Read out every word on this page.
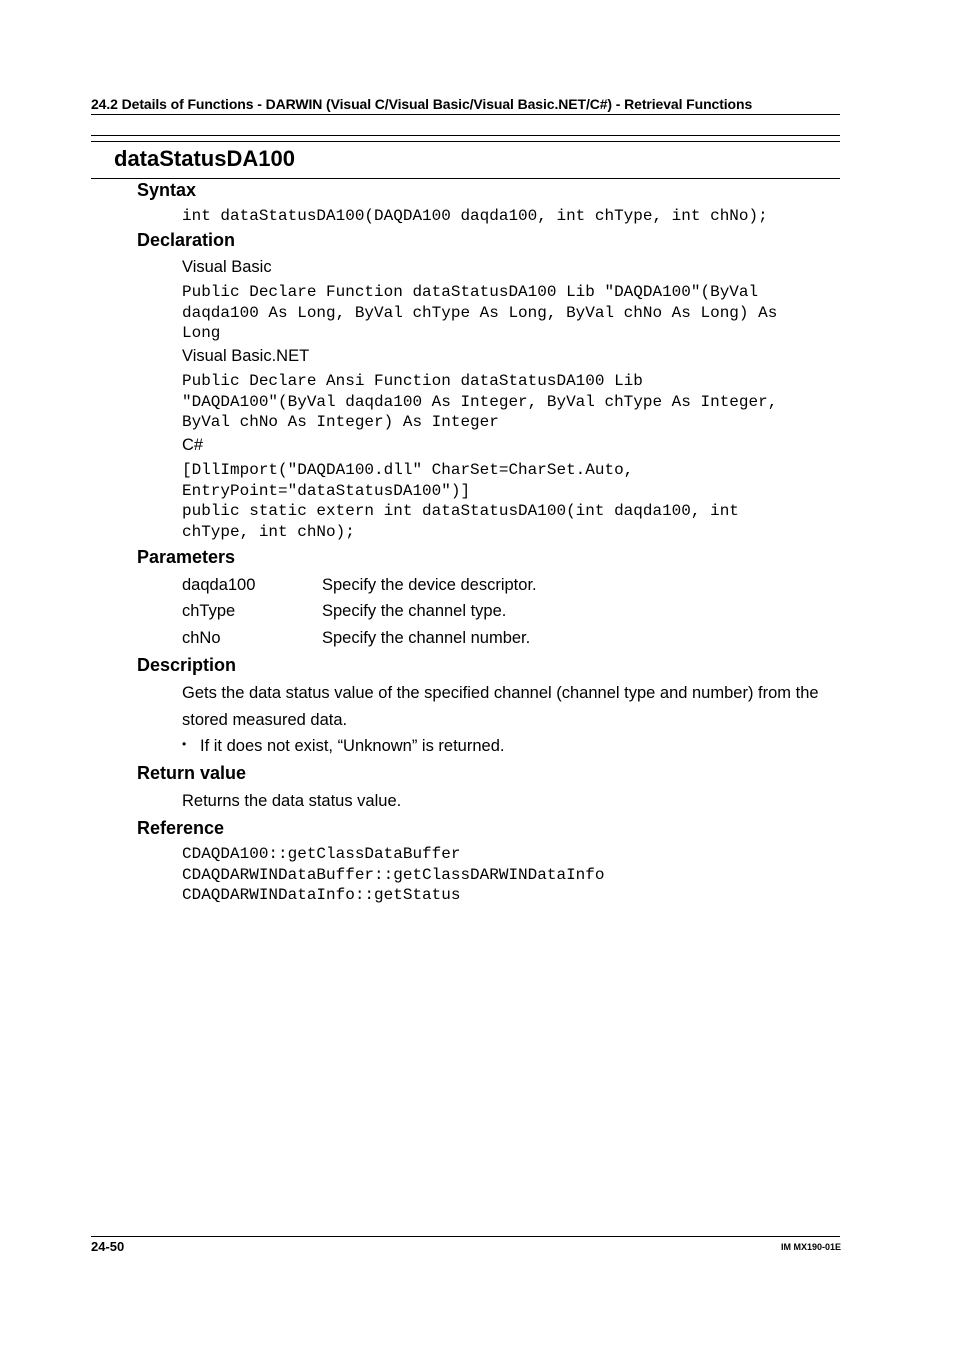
24.2 Details of Functions - DARWIN (Visual C/Visual Basic/Visual Basic.NET/C#) - Retrieval Functions
dataStatusDA100
Syntax
int dataStatusDA100(DAQDA100 daqda100, int chType, int chNo);
Declaration
Visual Basic
Public Declare Function dataStatusDA100 Lib "DAQDA100"(ByVal
daqda100 As Long, ByVal chType As Long, ByVal chNo As Long) As
Long
Visual Basic.NET
Public Declare Ansi Function dataStatusDA100 Lib
"DAQDA100"(ByVal daqda100 As Integer, ByVal chType As Integer,
ByVal chNo As Integer) As Integer
C#
[DllImport("DAQDA100.dll" CharSet=CharSet.Auto,
EntryPoint="dataStatusDA100")]
public static extern int dataStatusDA100(int daqda100, int
chType, int chNo);
Parameters
daqda100	Specify the device descriptor.
chType	Specify the channel type.
chNo	Specify the channel number.
Description
Gets the data status value of the specified channel (channel type and number) from the stored measured data.
• If it does not exist, “Unknown” is returned.
Return value
Returns the data status value.
Reference
CDAQDA100::getClassDataBuffer
CDAQDARWINDataBuffer::getClassDARWINDataInfo
CDAQDARWINDataInfo::getStatus
24-50	IM MX190-01E
